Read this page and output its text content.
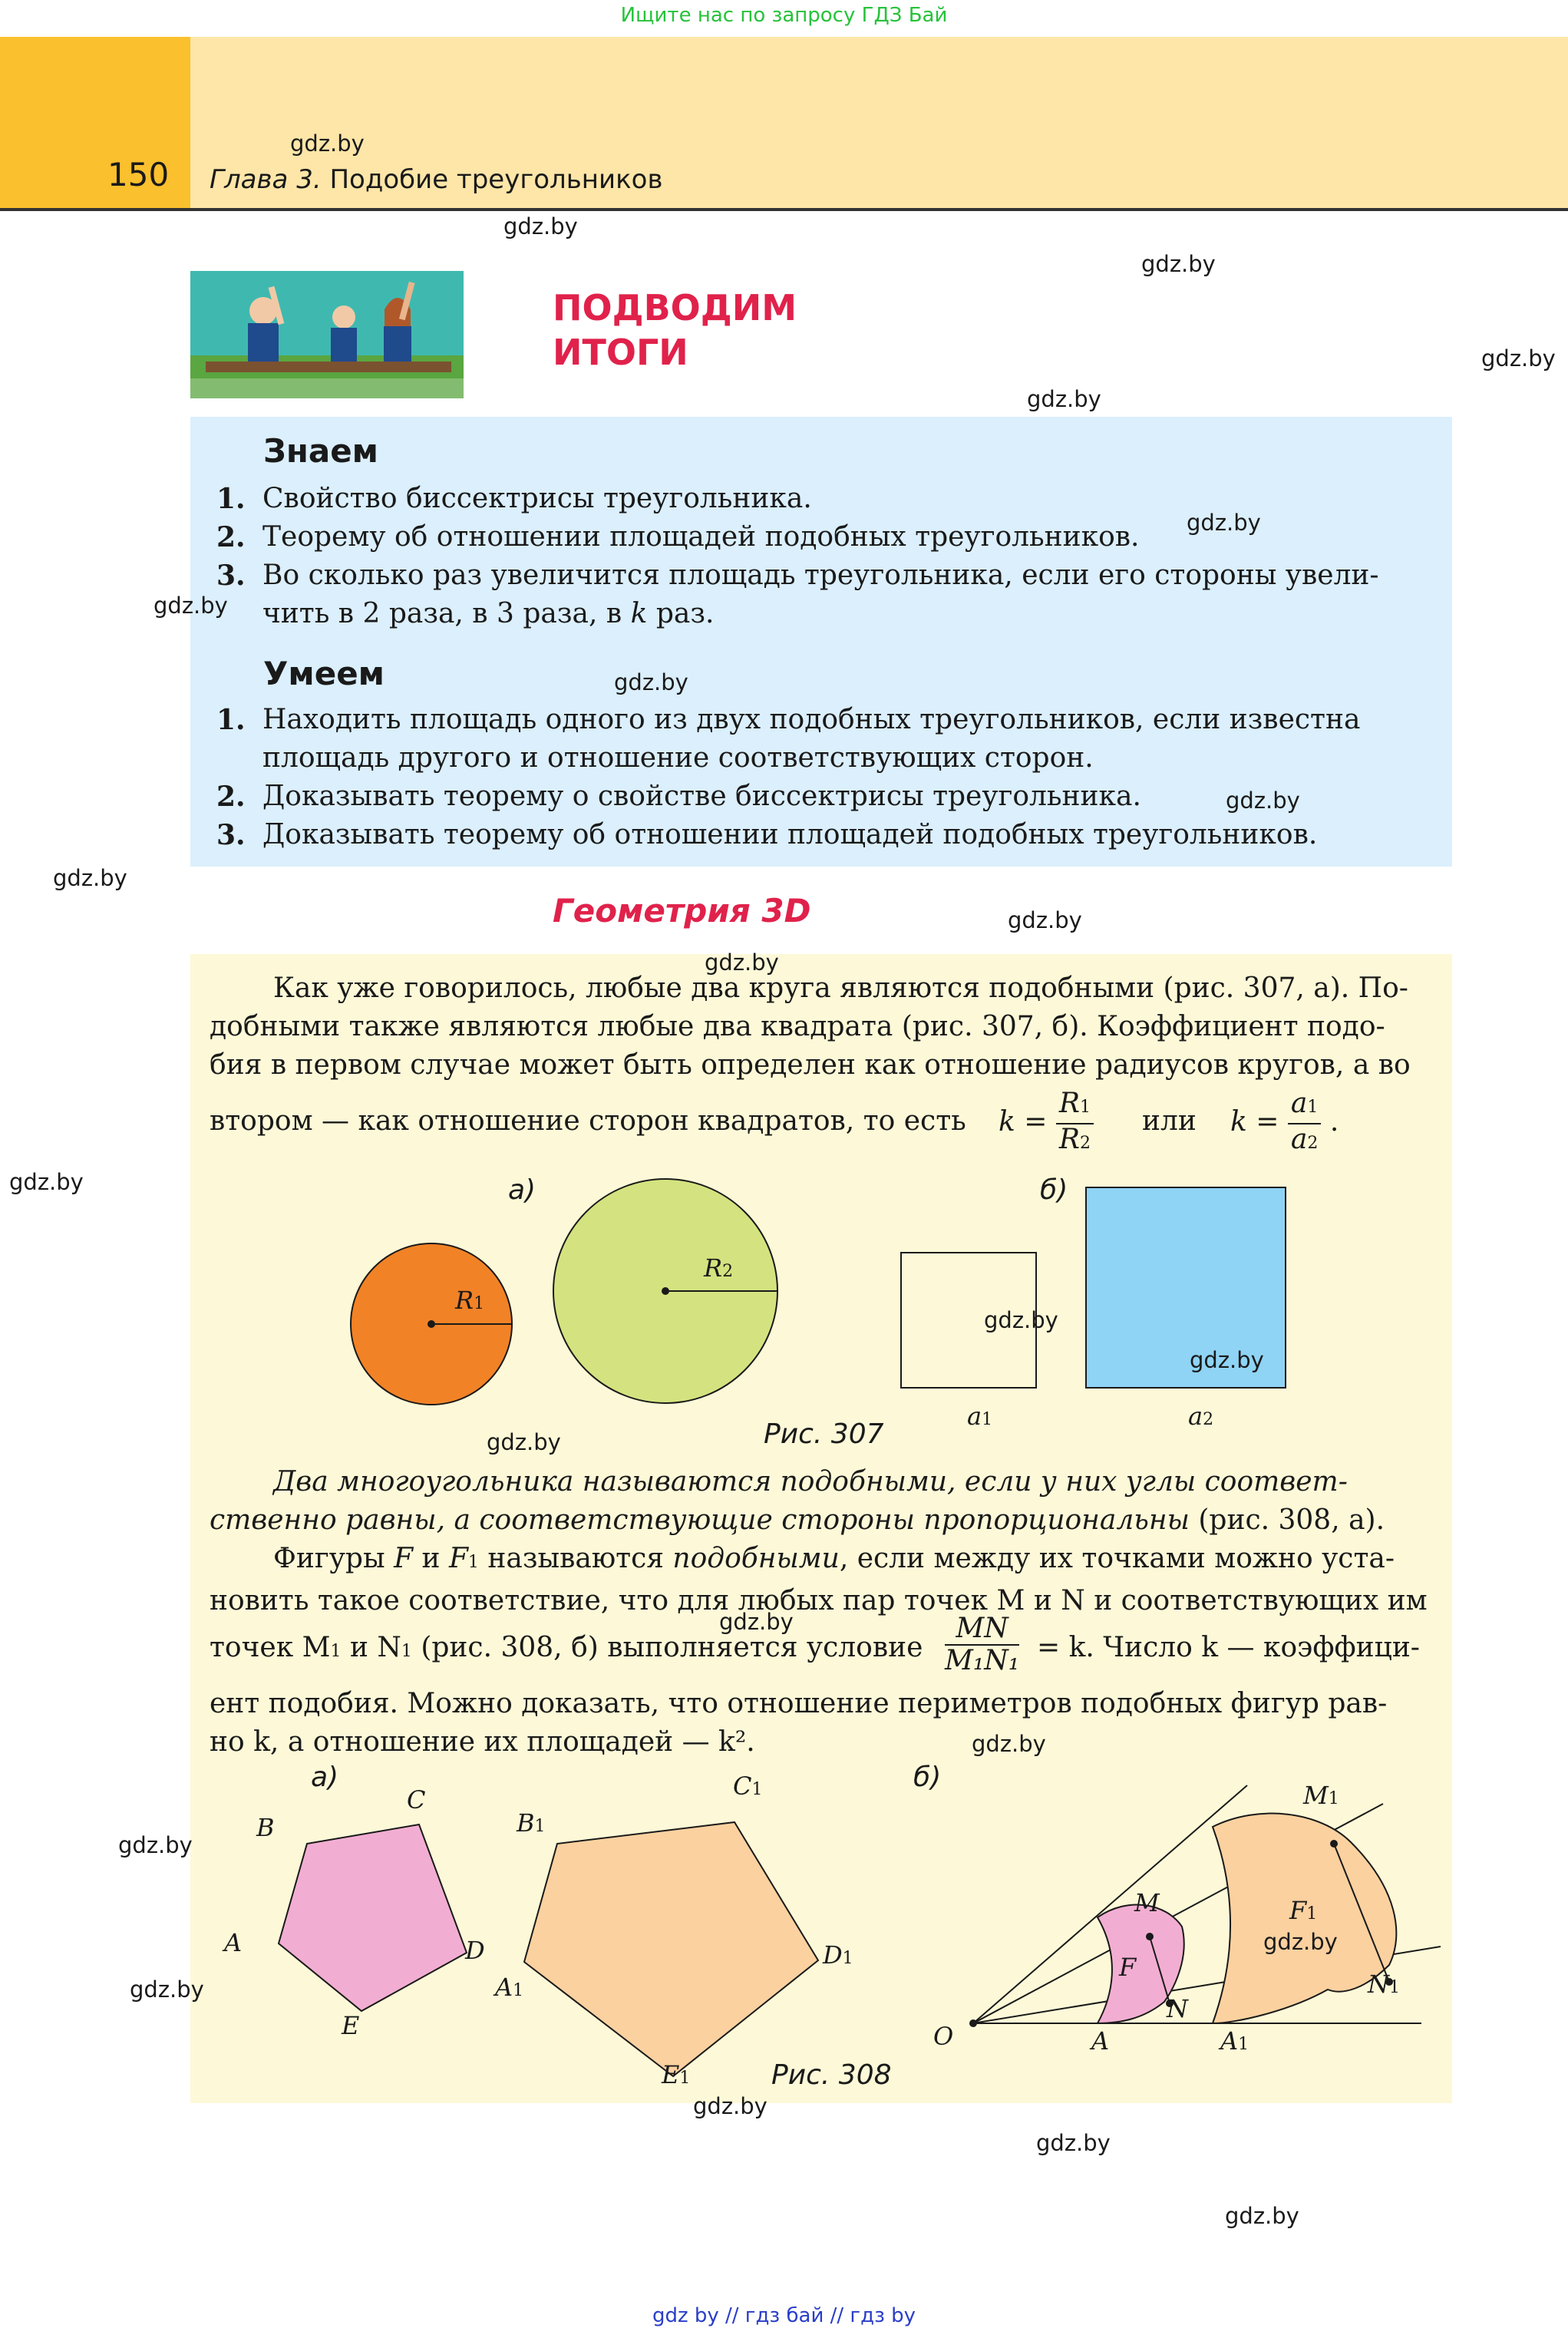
Ищите нас по запросу ГДЗ Бай
150 Глава 3. Подобие треугольников
ПОДВОДИМ
ИТОГИ
Знаем
1. Свойство биссектрисы треугольника.
2. Теорему об отношении площадей подобных треугольников.
3. Во сколько раз увеличится площадь треугольника, если его стороны увели-
чить в 2 раза, в 3 раза, в k раз.
Умеем
1. Находить площадь одного из двух подобных треугольников, если известна
площадь другого и отношение соответствующих сторон.
2. Доказывать теорему о свойстве биссектрисы треугольника.
3. Доказывать теорему об отношении площадей подобных треугольников.
Геометрия 3D
Как уже говорилось, любые два круга являются подобными (рис. 307, а). По-
добными также являются любые два квадрата (рис. 307, б). Коэффициент подо-
бия в первом случае может быть определен как отношение радиусов кругов, а во
втором — как отношение сторон квадратов, то есть $k = \frac{R1}{R2}$ или $k = \frac{a1}{a2}$ .
а)	б)
R1
R2
a1	a2
Рис. 307
Два многоугольника называются подобными, если у них углы соответ-
ственно равны, а соответствующие стороны пропорциональны (рис. 308, а).
Фигуры F и F1 называются подобными, если между их точками можно уста-
новить такое соответствие, что для любых пар точек M и N и соответствующих им
точек M1 и N1 (рис. 308, б) выполняется условие $\frac{MN}{\text{M₁N₁}} = k$. Число k — коэффици-
ент подобия. Можно доказать, что отношение периметров подобных фигур рав-
но k, а отношение их площадей — k².
а)	б)
A
B
C
D
E
A1
B1
C1
D1
E1
O	A	A1
M
M1
N
N1
F
F1
Рис. 308
gdz.by
gdz.by
gdz.by
gdz.by
gdz.by
gdz.by
gdz.by
gdz.by
gdz.by
gdz.by
gdz.by
gdz.by
gdz.by
gdz.by
gdz.by
gdz.by
gdz.by
gdz.by
gdz.by
gdz.by
gdz.by
gdz.by
gdz.by
gdz.by
gdz by // гдз бай // гдз by
